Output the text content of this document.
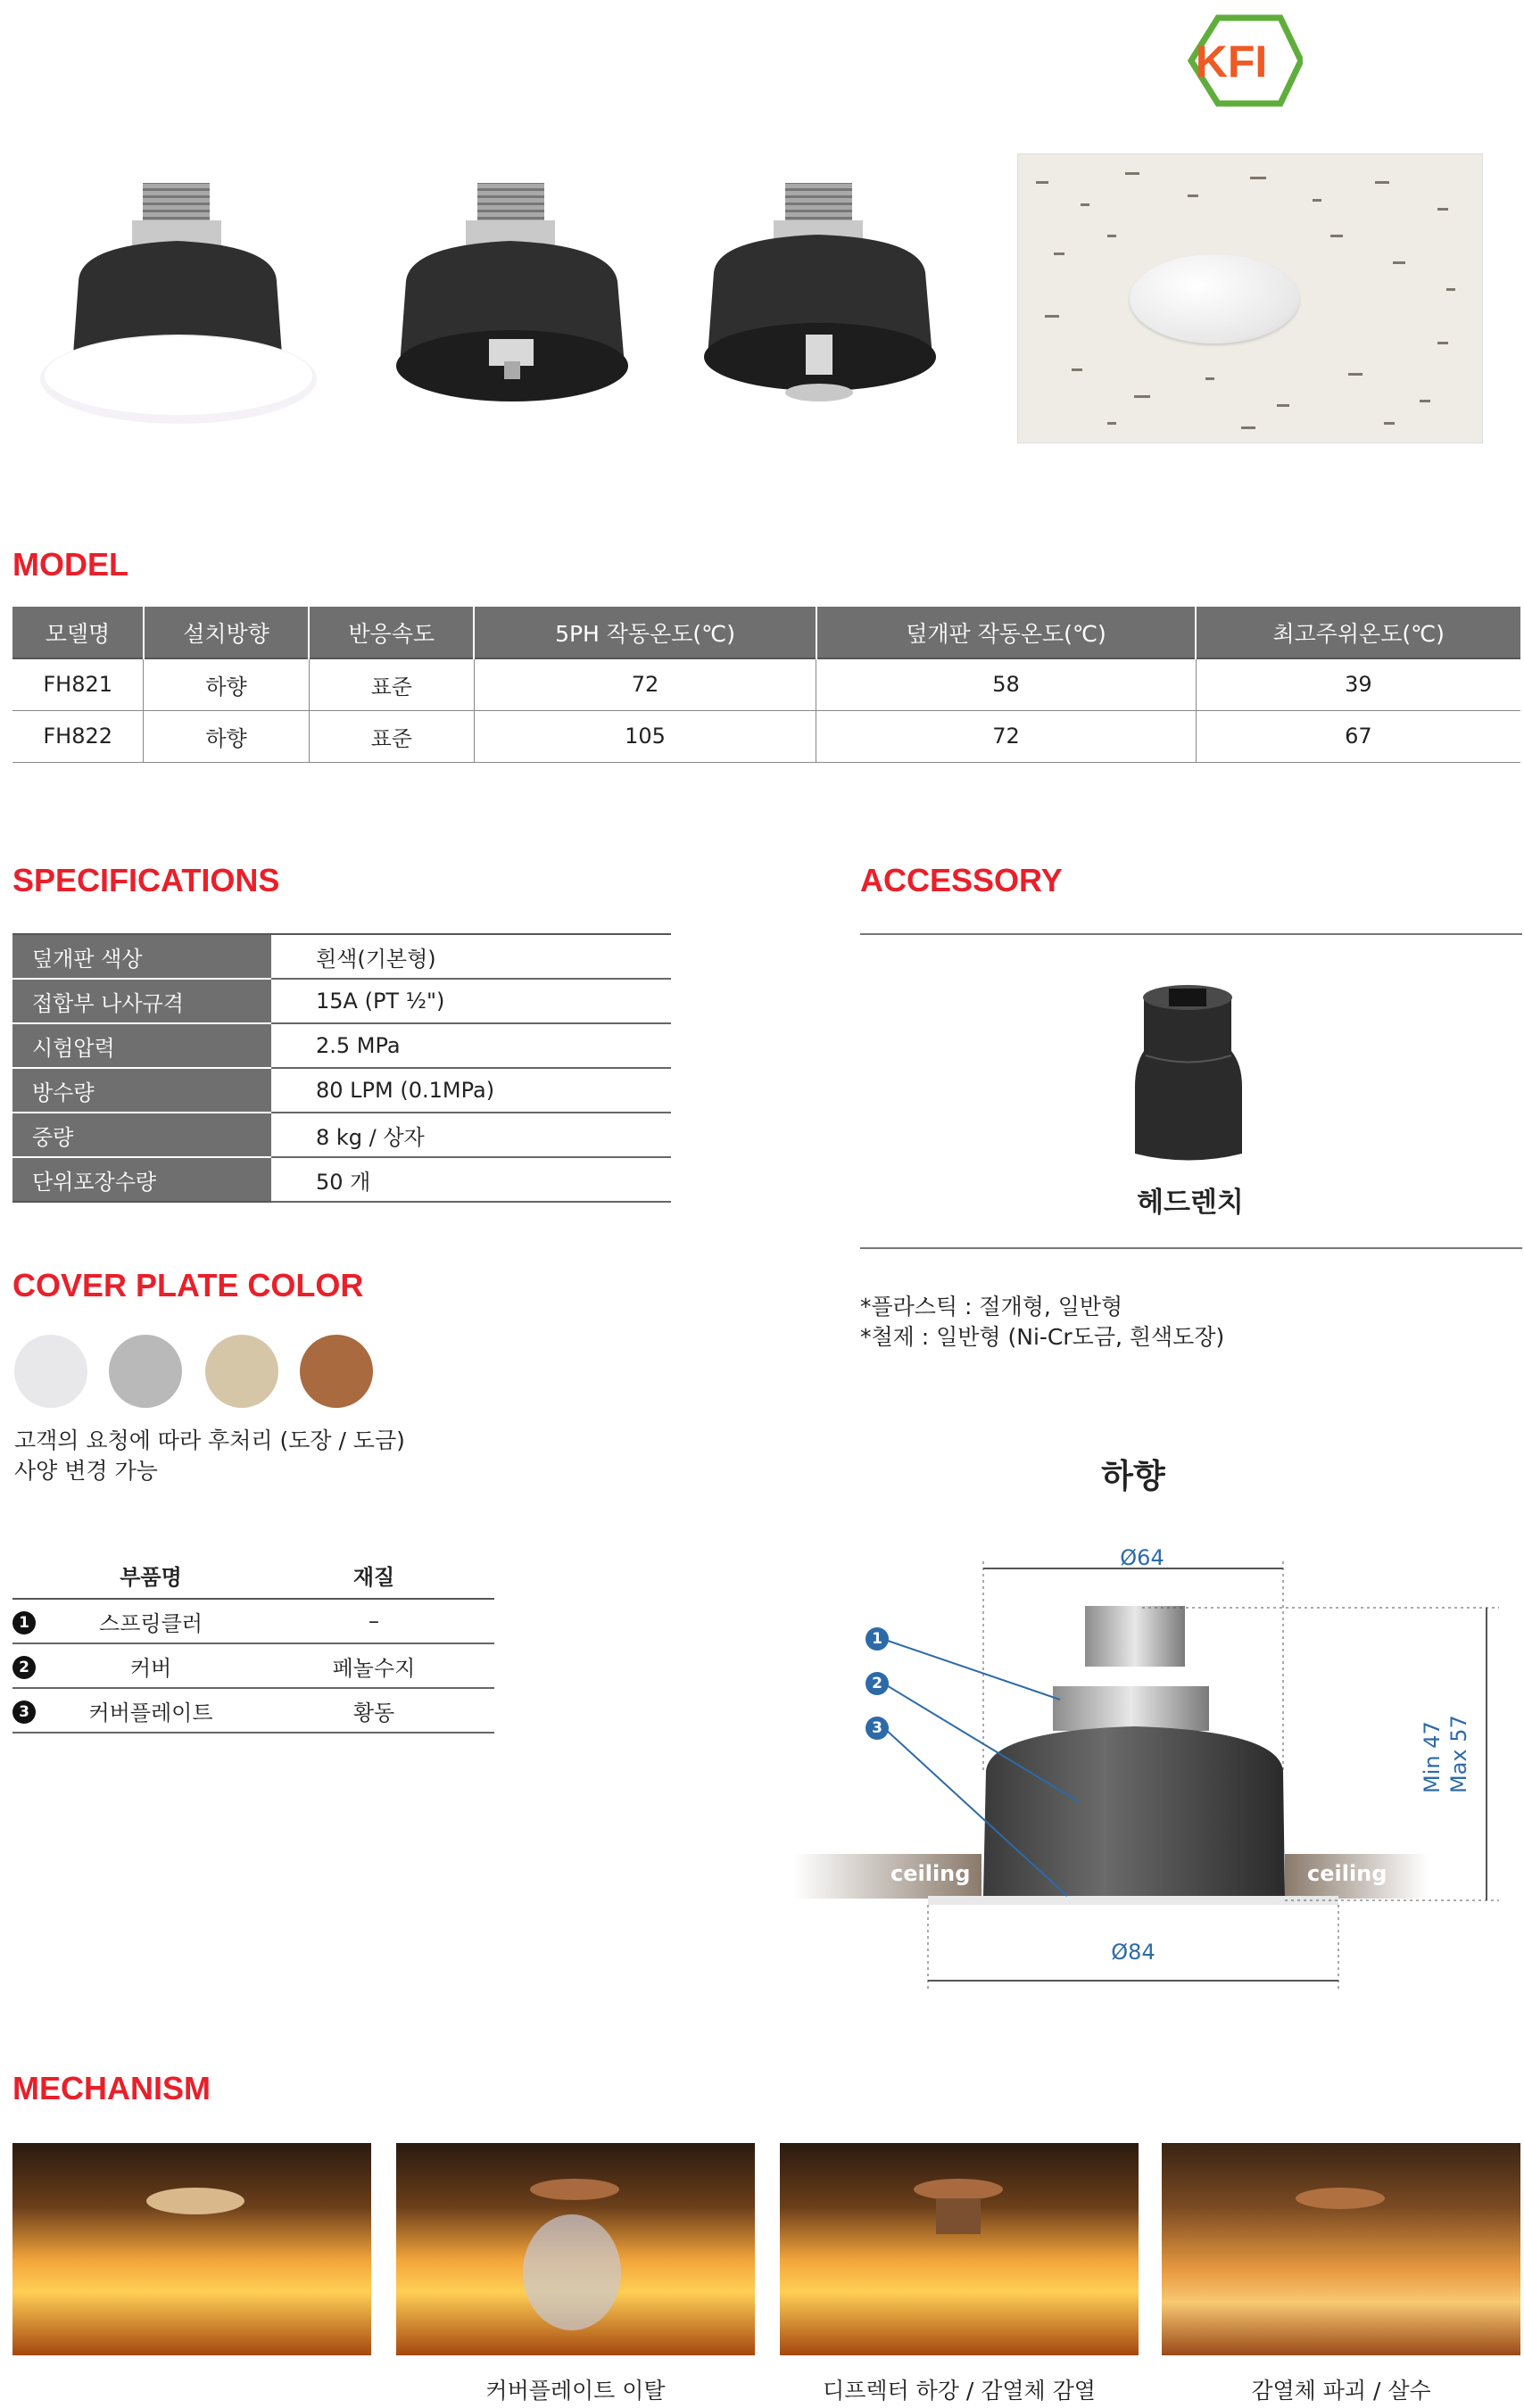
KFI
MODEL
모델명	설치방향	반응속도	5PH 작동온도(℃)	덮개판 작동온도(℃)	최고주위온도(℃)
FH821	하향	표준	72	58	39
FH822	하향	표준	105	72	67
SPECIFICATIONS
덮개판 색상	흰색(기본형)
접합부 나사규격	15A (PT ½")
시험압력	2.5 MPa
방수량	80 LPM (0.1MPa)
중량	8 kg / 상자
단위포장수량	50 개
ACCESSORY
헤드렌치
*플라스틱 : 절개형, 일반형
*철제 : 일반형 (Ni-Cr도금, 흰색도장)
COVER PLATE COLOR
고객의 요청에 따라 후처리 (도장 / 도금)
사양 변경 가능
	부품명	재질
1	스프링클러	–
2	커버	페놀수지
3	커버플레이트	황동
하향
Ø64
Ø84
Min 47 Max 57
ceiling	ceiling
1
2
3
MECHANISM
커버플레이트 이탈	디프렉터 하강 / 감열체 감열	감열체 파괴 / 살수
